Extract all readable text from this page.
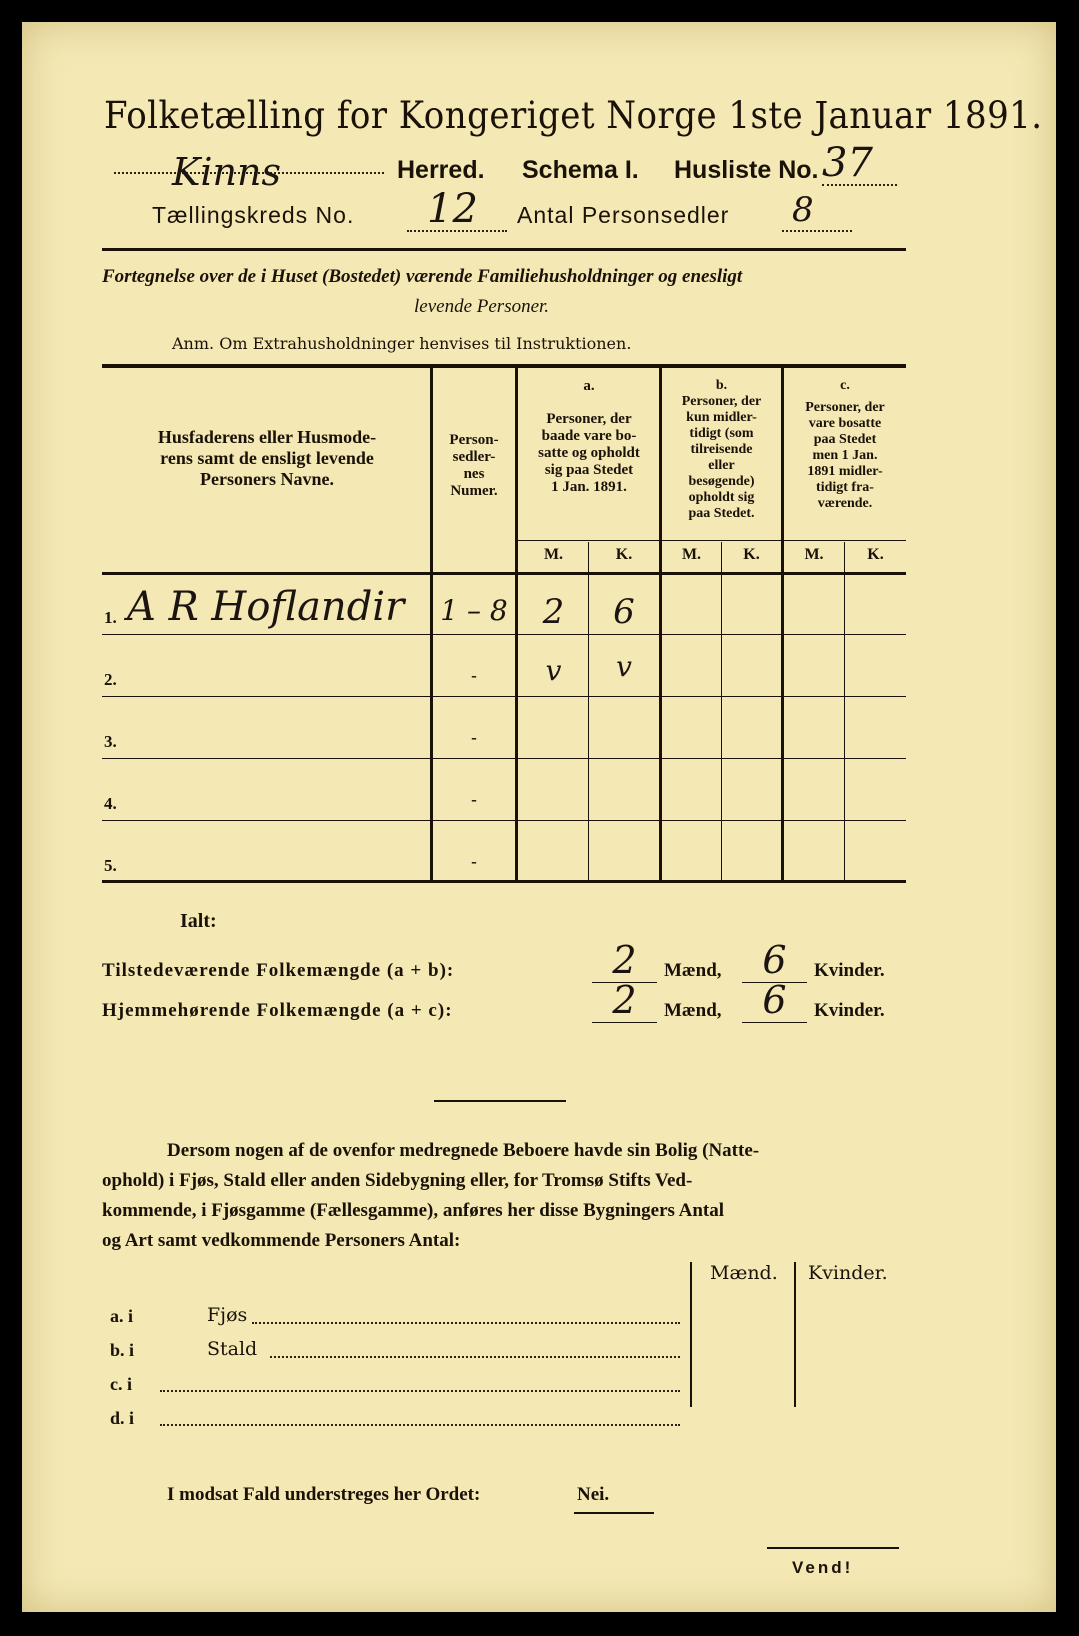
Folketælling for Kongeriget Norge 1ste Januar 1891.
Kinns	Herred. Schema I. Husliste No. 37
Tællingskreds No. 12 Antal Personsedler 8
Fortegnelse over de i Huset (Bostedet) værende Familiehusholdninger og enesligt
levende Personer.
Anm. Om Extrahusholdninger henvises til Instruktionen.
Husfaderens eller Husmode-
rens samt de ensligt levende
Personers Navne.
Person-
sedler-
nes
Numer.
a.
Personer, der
baade vare bo-
satte og opholdt
sig paa Stedet
1 Jan. 1891.
b.
Personer, der
kun midler-
tidigt (som
tilreisende
eller
besøgende)
opholdt sig
paa Stedet.
c.
Personer, der
vare bosatte
paa Stedet
men 1 Jan.
1891 midler-
tidigt fra-
værende.
M.	K.	M.	K.	M.	K.
1. A R Hoflandir 1 – 8	2	6
2.	-	v	v
3.	-
4.	-
5.	-
Ialt:
Tilstedeværende Folkemængde (a + b):	2	Mænd,	6	Kvinder.
Hjemmehørende Folkemængde (a + c):	2	Mænd,	6	Kvinder.
Dersom nogen af de ovenfor medregnede Beboere havde sin Bolig (Natte-
ophold) i Fjøs, Stald eller anden Sidebygning eller, for Tromsø Stifts Ved-
kommende, i Fjøsgamme (Fællesgamme), anføres her disse Bygningers Antal
og Art samt vedkommende Personers Antal:
Mænd. Kvinder.
a. i	Fjøs
b. i	Stald
c. i
d. i
I modsat Fald understreges her Ordet:	Nei.
Vend!
